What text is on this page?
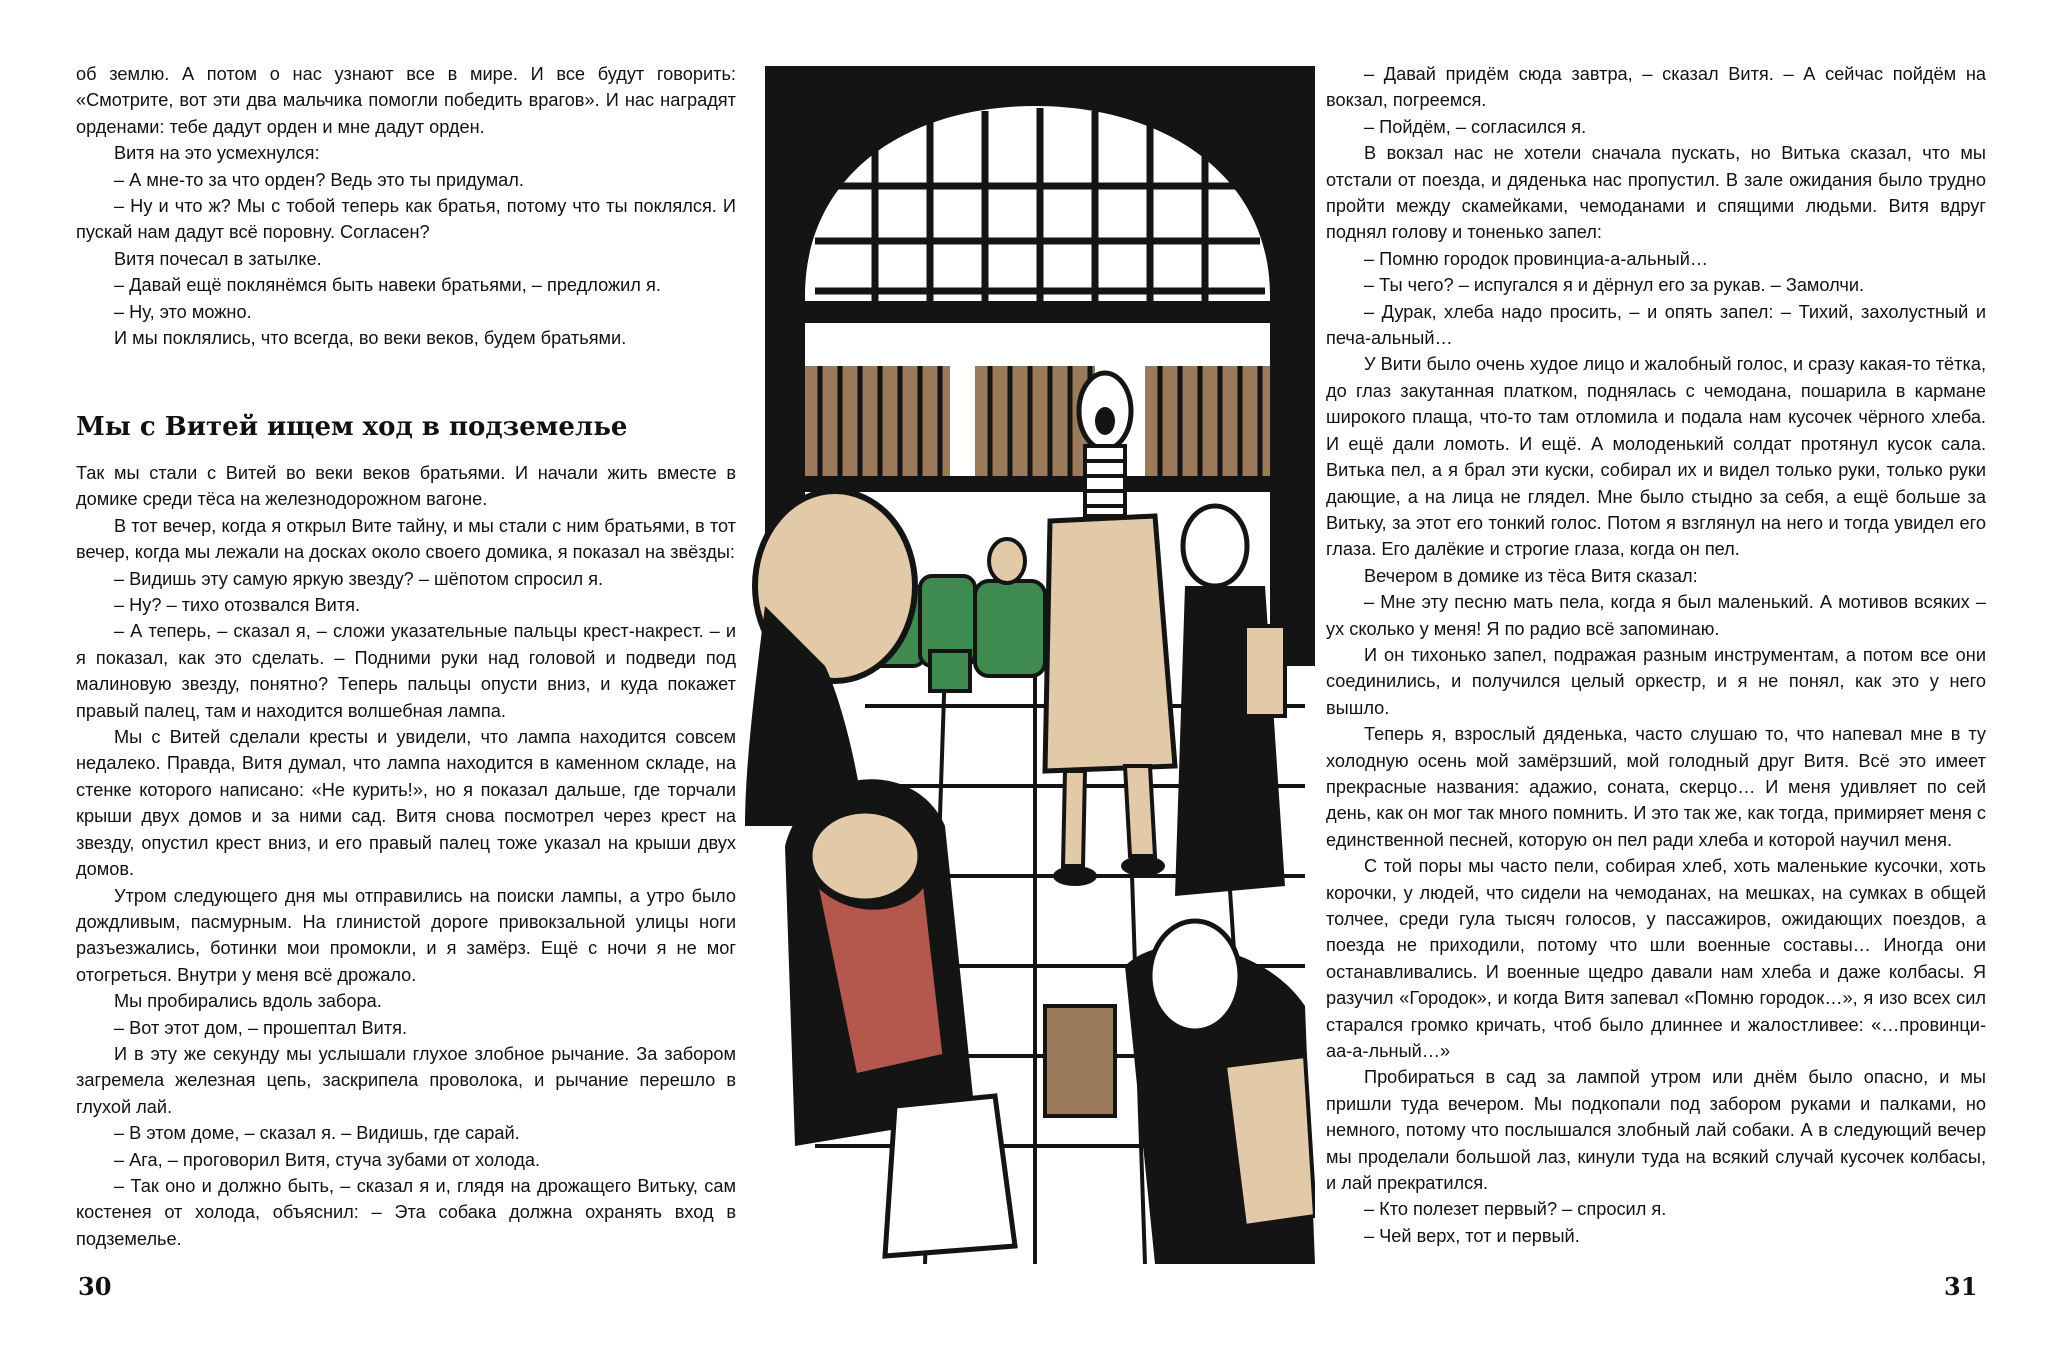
об землю. А потом о нас узнают все в мире. И все будут говорить: «Смотрите, вот эти два мальчика помогли победить врагов». И нас наградят орденами: тебе дадут орден и мне дадут орден.

Витя на это усмехнулся:

– А мне-то за что орден? Ведь это ты придумал.

– Ну и что ж? Мы с тобой теперь как братья, потому что ты поклялся. И пускай нам дадут всё поровну. Согласен?

Витя почесал в затылке.

– Давай ещё поклянёмся быть навеки братьями, – предложил я.

– Ну, это можно.

И мы поклялись, что всегда, во веки веков, будем братьями.

Мы с Витей ищем ход в подземелье

Так мы стали с Витей во веки веков братьями. И начали жить вместе в домике среди тёса на железнодорожном вагоне.

В тот вечер, когда я открыл Вите тайну, и мы стали с ним братьями, в тот вечер, когда мы лежали на досках около своего домика, я показал на звёзды:

– Видишь эту самую яркую звезду? – шёпотом спросил я.

– Ну? – тихо отозвался Витя.

– А теперь, – сказал я, – сложи указательные пальцы крест-накрест. – и я показал, как это сделать. – Подними руки над головой и подведи под малиновую звезду, понятно? Теперь пальцы опусти вниз, и куда покажет правый палец, там и находится волшебная лампа.

Мы с Витей сделали кресты и увидели, что лампа находится совсем недалеко. Правда, Витя думал, что лампа находится в каменном складе, на стенке которого написано: «Не курить!», но я показал дальше, где торчали крыши двух домов и за ними сад. Витя снова посмотрел через крест на звезду, опустил крест вниз, и его правый палец тоже указал на крыши двух домов.

Утром следующего дня мы отправились на поиски лампы, а утро было дождливым, пасмурным. На глинистой дороге привокзальной улицы ноги разъезжались, ботинки мои промокли, и я замёрз. Ещё с ночи я не мог отогреться. Внутри у меня всё дрожало.

Мы пробирались вдоль забора.

– Вот этот дом, – прошептал Витя.

И в эту же секунду мы услышали глухое злобное рычание. За забором загремела железная цепь, заскрипела проволока, и рычание перешло в глухой лай.

– В этом доме, – сказал я. – Видишь, где сарай.

– Ага, – проговорил Витя, стуча зубами от холода.

– Так оно и должно быть, – сказал я и, глядя на дрожащего Витьку, сам костенея от холода, объяснил: – Эта собака должна охранять вход в подземелье.

– Давай придём сюда завтра, – сказал Витя. – А сейчас пойдём на вокзал, погреемся.

– Пойдём, – согласился я.

В вокзал нас не хотели сначала пускать, но Витька сказал, что мы отстали от поезда, и дяденька нас пропустил. В зале ожидания было трудно пройти между скамейками, чемоданами и спящими людьми. Витя вдруг поднял голову и тоненько запел:

– Помню городок провинциа-а-альный…

– Ты чего? – испугался я и дёрнул его за рукав. – Замолчи.

– Дурак, хлеба надо просить, – и опять запел: – Тихий, захолустный и печа-альный…

У Вити было очень худое лицо и жалобный голос, и сразу какая-то тётка, до глаз закутанная платком, поднялась с чемодана, пошарила в кармане широкого плаща, что-то там отломила и подала нам кусочек чёрного хлеба. И ещё дали ломоть. И ещё. А молоденький солдат протянул кусок сала. Витька пел, а я брал эти куски, собирал их и видел только руки, только руки дающие, а на лица не глядел. Мне было стыдно за себя, а ещё больше за Витьку, за этот его тонкий голос. Потом я взглянул на него и тогда увидел его глаза. Его далёкие и строгие глаза, когда он пел.

Вечером в домике из тёса Витя сказал:

– Мне эту песню мать пела, когда я был маленький. А мотивов всяких – ух сколько у меня! Я по радио всё запоминаю.

И он тихонько запел, подражая разным инструментам, а потом все они соединились, и получился целый оркестр, и я не понял, как это у него вышло.

Теперь я, взрослый дяденька, часто слушаю то, что напевал мне в ту холодную осень мой замёрзший, мой голодный друг Витя. Всё это имеет прекрасные названия: адажио, соната, скерцо… И меня удивляет по сей день, как он мог так много помнить. И это так же, как тогда, примиряет меня с единственной песней, которую он пел ради хлеба и которой научил меня.

С той поры мы часто пели, собирая хлеб, хоть маленькие кусочки, хоть корочки, у людей, что сидели на чемоданах, на мешках, на сумках в общей толчее, среди гула тысяч голосов, у пассажиров, ожидающих поездов, а поезда не приходили, потому что шли военные составы… Иногда они останавливались. И военные щедро давали нам хлеба и даже колбасы. Я разучил «Городок», и когда Витя запевал «Помню городок…», я изо всех сил старался громко кричать, чтоб было длиннее и жалостливее: «…провинци-аа-а-льный…»

Пробираться в сад за лампой утром или днём было опасно, и мы пришли туда вечером. Мы подкопали под забором руками и палками, но немного, потому что послышался злобный лай собаки. А в следующий вечер мы проделали большой лаз, кинули туда на всякий случай кусочек колбасы, и лай прекратился.

– Кто полезет первый? – спросил я.

– Чей верх, тот и первый.

30	31
